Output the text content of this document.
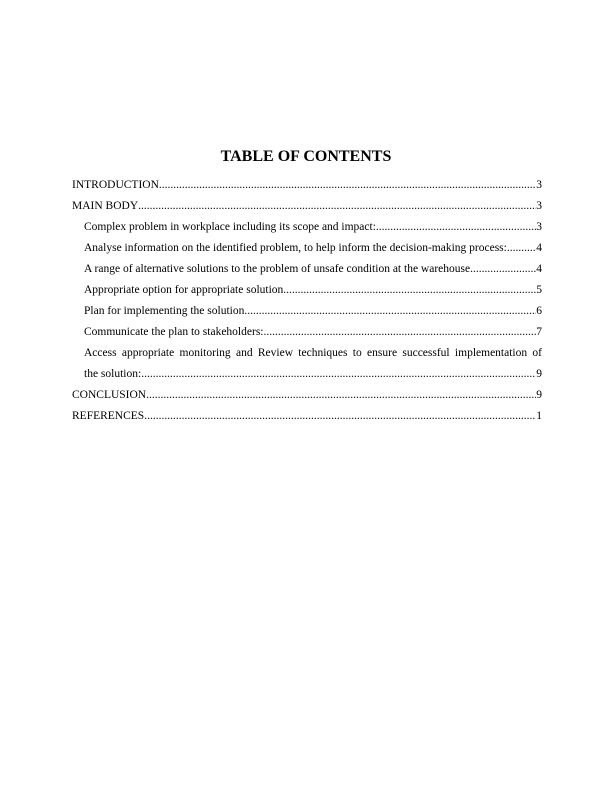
TABLE OF CONTENTS
INTRODUCTION .....	3
MAIN BODY .....	3
Complex problem in workplace including its scope and impact: .....	3
Analyse information on the identified problem, to help inform the decision-making process: .....	4
A range of alternative solutions to the problem of unsafe condition at the warehouse .....	4
Appropriate option for appropriate solution .....	5
Plan for implementing the solution .....	6
Communicate the plan to stakeholders: .....	7
Access appropriate monitoring and Review techniques to ensure successful implementation of
the solution: .....	9
CONCLUSION .....	9
REFERENCES .....	1
